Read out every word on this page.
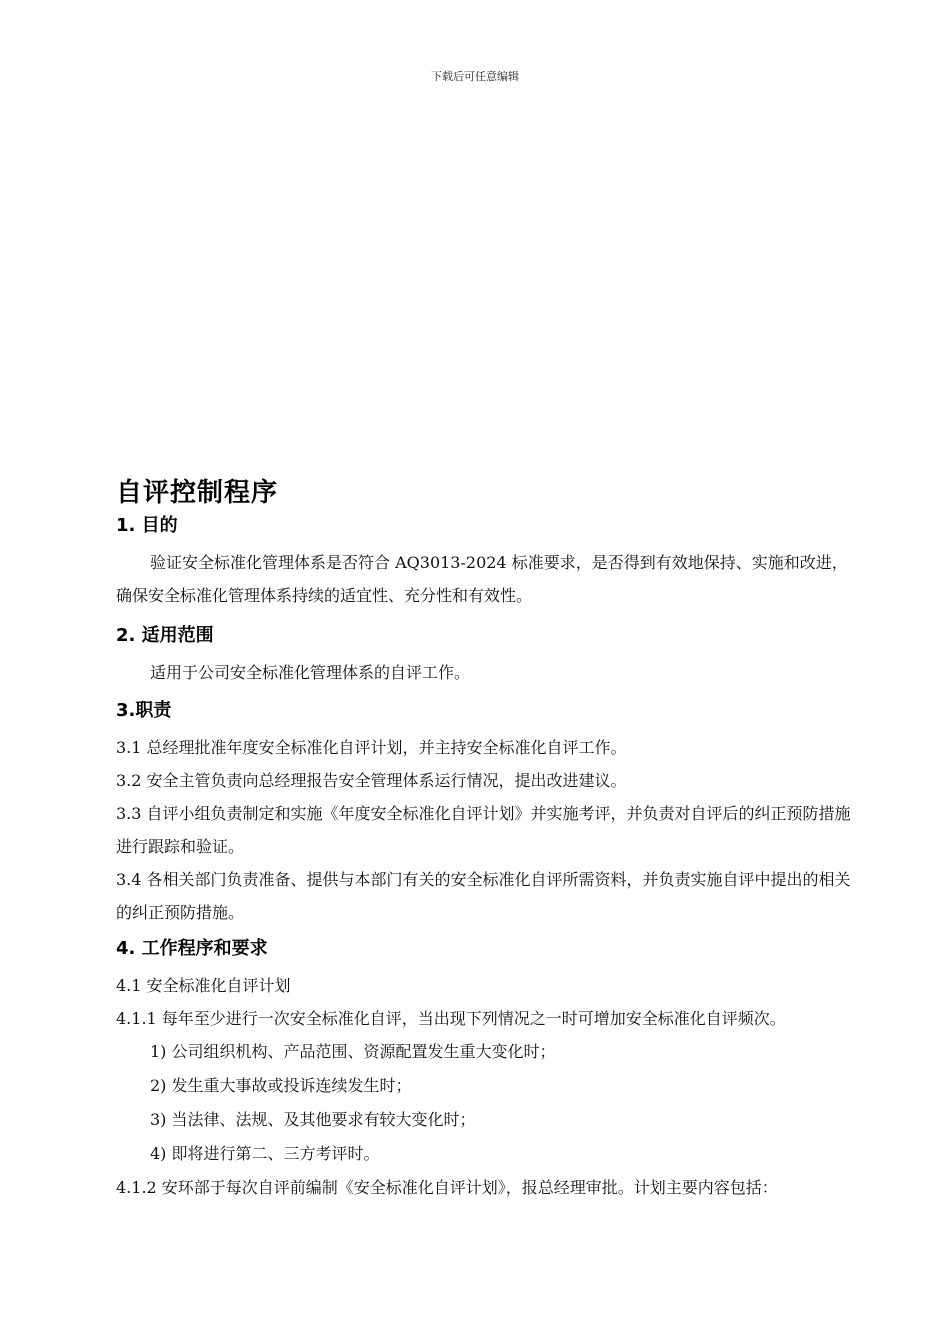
下载后可任意编辑
自评控制程序
1. 目的

验证安全标准化管理体系是否符合 AQ3013-2024 标准要求，是否得到有效地保持、实施和改进，确保安全标准化管理体系持续的适宜性、充分性和有效性。

2. 适用范围

适用于公司安全标准化管理体系的自评工作。

3.职责

3.1 总经理批准年度安全标准化自评计划，并主持安全标准化自评工作。

3.2 安全主管负责向总经理报告安全管理体系运行情况，提出改进建议。

3.3 自评小组负责制定和实施《年度安全标准化自评计划》并实施考评，并负责对自评后的纠正预防措施进行跟踪和验证。

3.4 各相关部门负责准备、提供与本部门有关的安全标准化自评所需资料，并负责实施自评中提出的相关的纠正预防措施。

4. 工作程序和要求

4.1 安全标准化自评计划

4.1.1 每年至少进行一次安全标准化自评，当出现下列情况之一时可增加安全标准化自评频次。

1) 公司组织机构、产品范围、资源配置发生重大变化时；

2) 发生重大事故或投诉连续发生时；

3) 当法律、法规、及其他要求有较大变化时；

4) 即将进行第二、三方考评时。

4.1.2 安环部于每次自评前编制《安全标准化自评计划》，报总经理审批。计划主要内容包括：
